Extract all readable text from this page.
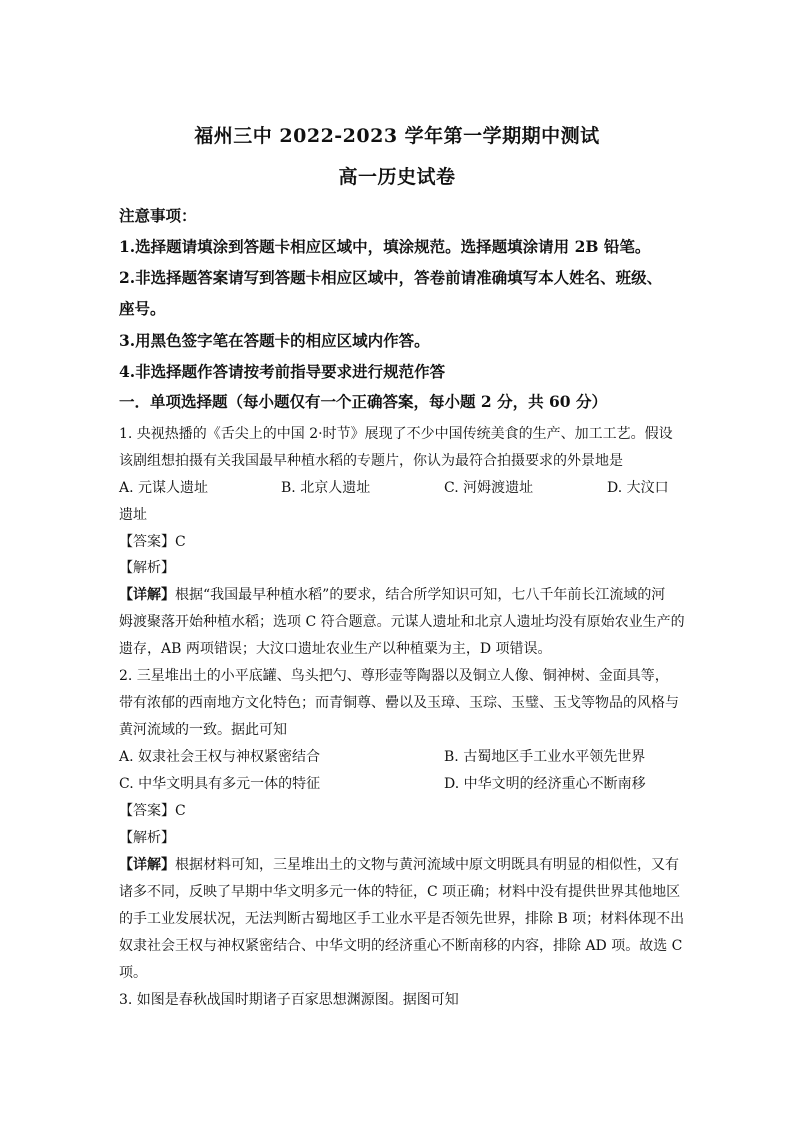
福州三中 2022-2023 学年第一学期期中测试
高一历史试卷
注意事项：
1.选择题请填涂到答题卡相应区域中，填涂规范。选择题填涂请用 2B 铅笔。
2.非选择题答案请写到答题卡相应区域中，答卷前请准确填写本人姓名、班级、
座号。
3.用黑色签字笔在答题卡的相应区域内作答。
4.非选择题作答请按考前指导要求进行规范作答
一．单项选择题（每小题仅有一个正确答案，每小题 2 分，共 60 分）
1. 央视热播的《舌尖上的中国 2·时节》展现了不少中国传统美食的生产、加工工艺。假设
该剧组想拍摄有关我国最早种植水稻的专题片，你认为最符合拍摄要求的外景地是
A. 元谋人遗址	B. 北京人遗址	C. 河姆渡遗址	D. 大汶口
遗址
【答案】C
【解析】
【详解】根据“我国最早种植水稻”的要求，结合所学知识可知，七八千年前长江流域的河
姆渡聚落开始种植水稻；选项 C 符合题意。元谋人遗址和北京人遗址均没有原始农业生产的
遗存，AB 两项错误；大汶口遗址农业生产以种植粟为主，D 项错误。
2. 三星堆出土的小平底罐、鸟头把勺、尊形壶等陶器以及铜立人像、铜神树、金面具等，
带有浓郁的西南地方文化特色；而青铜尊、罍以及玉璋、玉琮、玉璧、玉戈等物品的风格与
黄河流域的一致。据此可知
A. 奴隶社会王权与神权紧密结合	B. 古蜀地区手工业水平领先世界
C. 中华文明具有多元一体的特征	D. 中华文明的经济重心不断南移
【答案】C
【解析】
【详解】根据材料可知，三星堆出土的文物与黄河流域中原文明既具有明显的相似性，又有
诸多不同，反映了早期中华文明多元一体的特征，C 项正确；材料中没有提供世界其他地区
的手工业发展状况，无法判断古蜀地区手工业水平是否领先世界，排除 B 项；材料体现不出
奴隶社会王权与神权紧密结合、中华文明的经济重心不断南移的内容，排除 AD 项。故选 C
项。
3. 如图是春秋战国时期诸子百家思想渊源图。据图可知
